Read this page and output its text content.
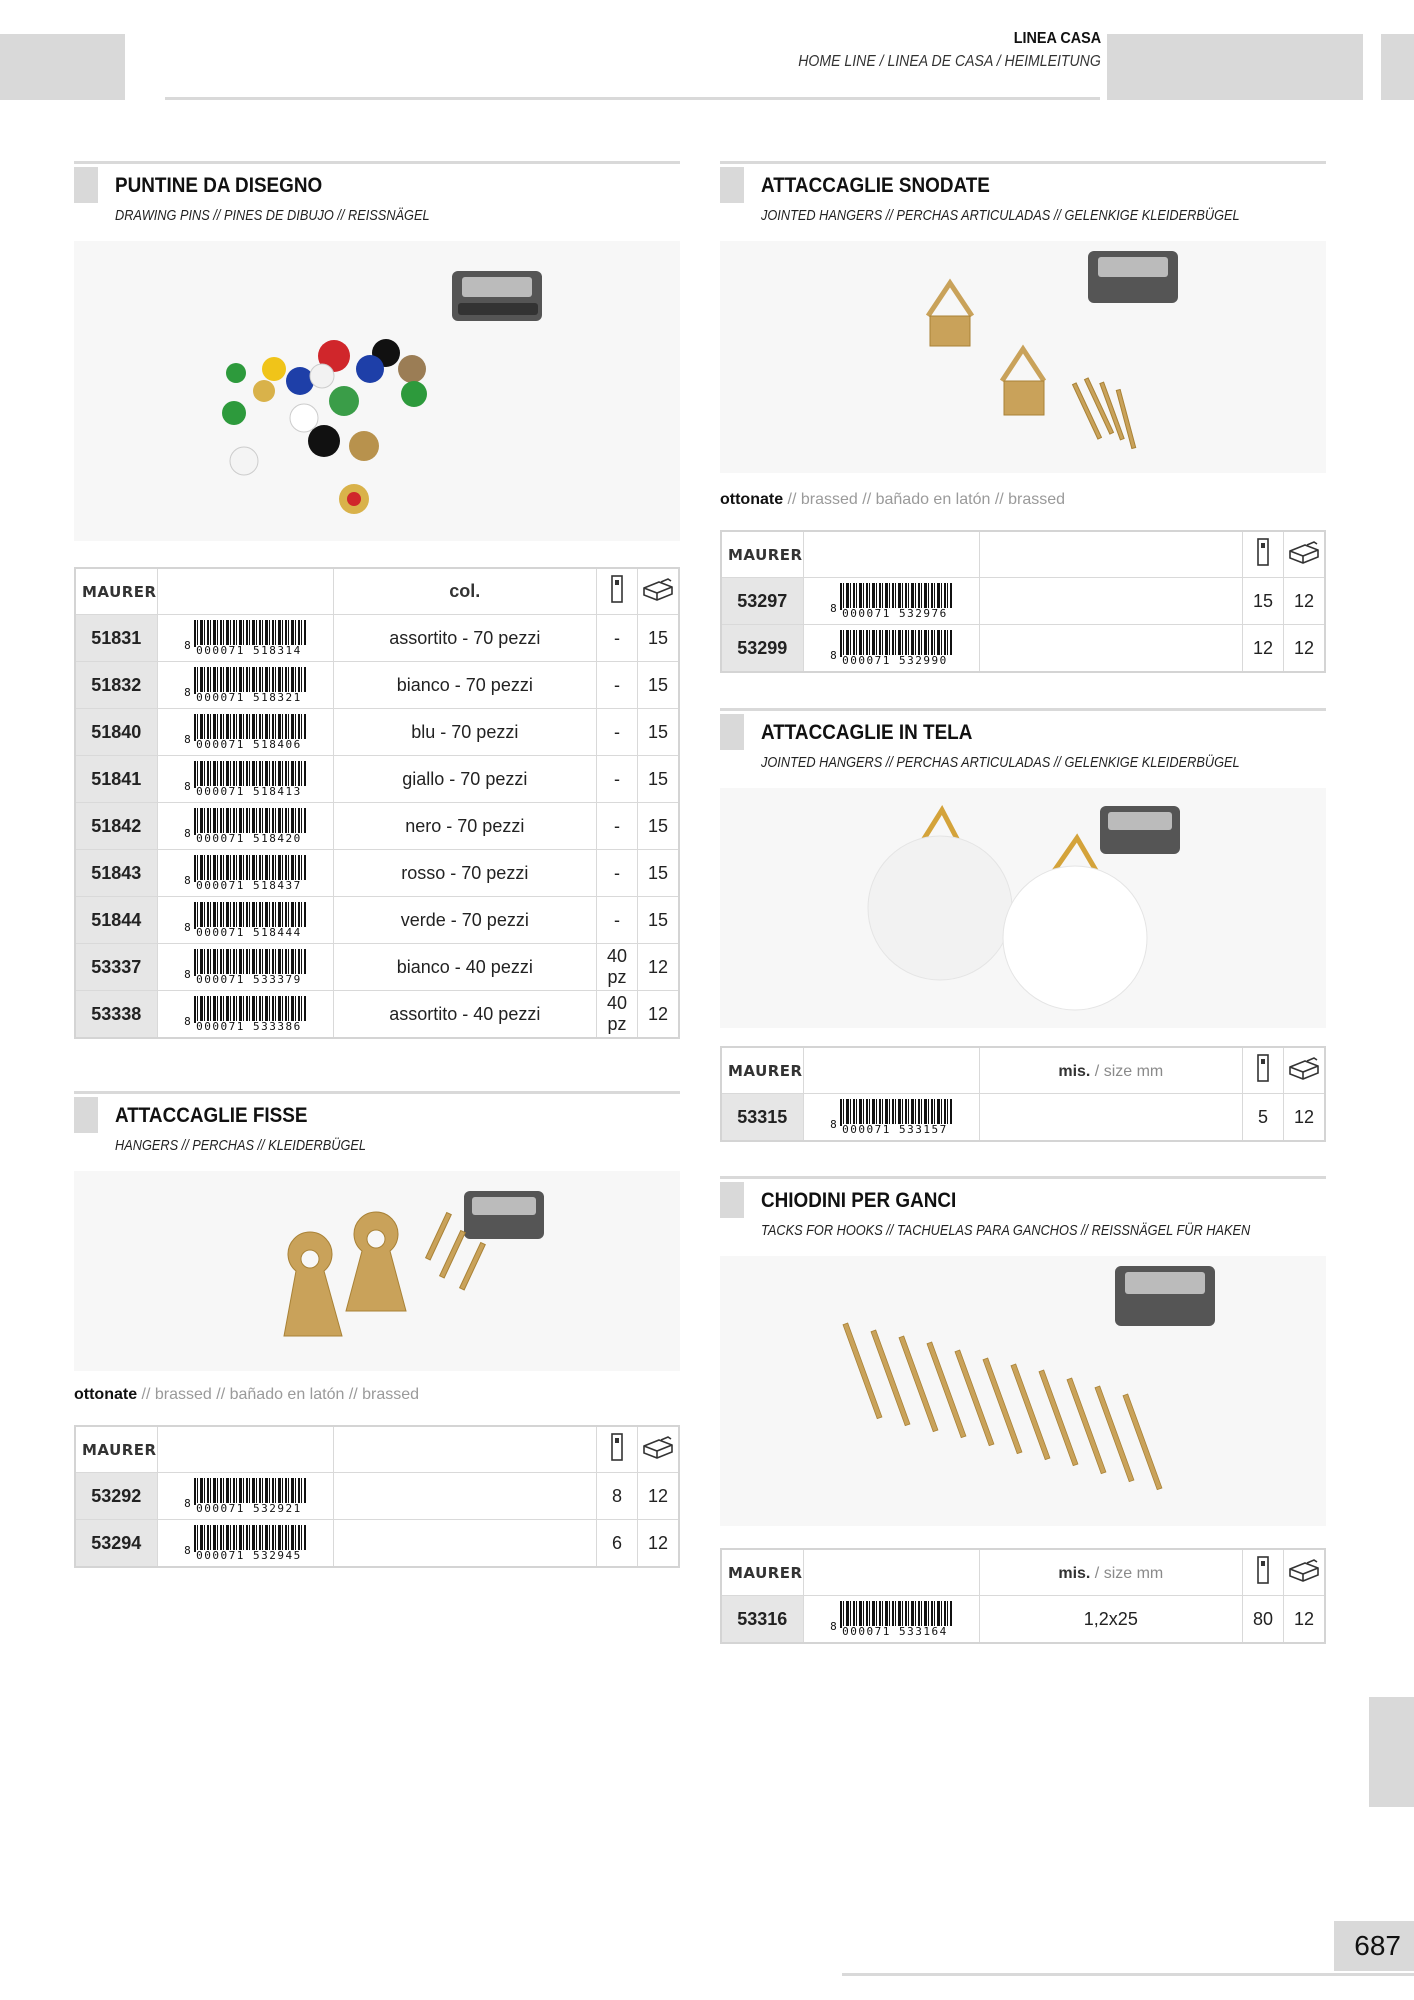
LINEA CASA
HOME LINE / LINEA DE CASA / HEIMLEITUNG
PUNTINE DA DISEGNO
DRAWING PINS // PINES DE DIBUJO // REISSNÄGEL
MAURER		col.		
51831	8 000071 518314	assortito - 70 pezzi	-	15
51832	8 000071 518321	bianco - 70 pezzi	-	15
51840	8 000071 518406	blu - 70 pezzi	-	15
51841	8 000071 518413	giallo - 70 pezzi	-	15
51842	8 000071 518420	nero - 70 pezzi	-	15
51843	8 000071 518437	rosso - 70 pezzi	-	15
51844	8 000071 518444	verde - 70 pezzi	-	15
53337	8 000071 533379	bianco - 40 pezzi	40 pz	12
53338	8 000071 533386	assortito - 40 pezzi	40 pz	12
ATTACCAGLIE FISSE
HANGERS // PERCHAS // KLEIDERBÜGEL
ottonate // brassed // bañado en latón // brassed
MAURER				
53292	8 000071 532921		8	12
53294	8 000071 532945		6	12
ATTACCAGLIE SNODATE
JOINTED HANGERS // PERCHAS ARTICULADAS // GELENKIGE KLEIDERBÜGEL
ottonate // brassed // bañado en latón // brassed
MAURER				
53297	8 000071 532976		15	12
53299	8 000071 532990		12	12
ATTACCAGLIE IN TELA
JOINTED HANGERS // PERCHAS ARTICULADAS // GELENKIGE KLEIDERBÜGEL
MAURER		mis. / size mm		
53315	8 000071 533157		5	12
CHIODINI PER GANCI
TACKS FOR HOOKS // TACHUELAS PARA GANCHOS // REISSNÄGEL FÜR HAKEN
MAURER		mis. / size mm		
53316	8 000071 533164	1,2x25	80	12
687
